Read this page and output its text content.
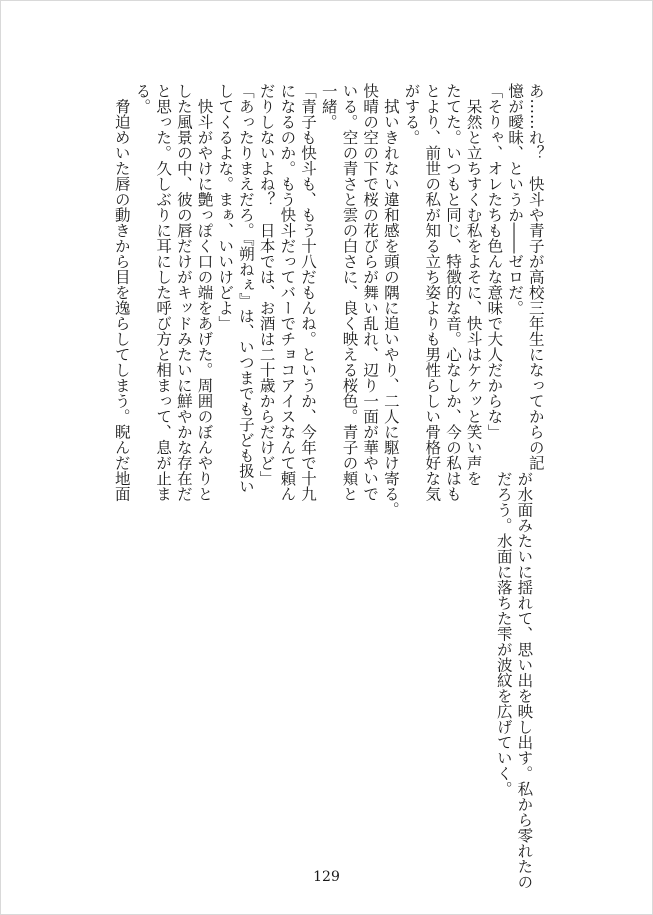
あ……れ？　快斗や青子が高校三年生になってからの記
憶が曖昧、というか――ゼロだ。
「そりゃ、オレたちも色んな意味で大人だからな」
　呆然と立ちすくむ私をよそに、快斗はケケッと笑い声を
たてた。いつもと同じ、特徴的な音。心なしか、今の私はも
とより、前世の私が知る立ち姿よりも男性らしい骨格好な気
がする。
　拭いきれない違和感を頭の隅に追いやり、二人に駆け寄る。
快晴の空の下で桜の花びらが舞い乱れ、辺り一面が華やいで
いる。空の青さと雲の白さに、良く映える桜色。青子の頬と
一緒。
「青子も快斗も、もう十八だもんね。というか、今年で十九
になるのか。もう快斗だってバーでチョコアイスなんて頼ん
だりしないよね？　日本では、お酒は二十歳からだけど」
「あったりまえだろ。『朔ねぇ』は、いつまでも子ども扱い
してくるよな。まぁ、いいけどよ」
　快斗がやけに艶っぽく口の端をあげた。周囲のぼんやりと
した風景の中、彼の唇だけがキッドみたいに鮮やかな存在だ
と思った。久しぶりに耳にした呼び方と相まって、息が止ま
る。
　脅迫めいた唇の動きから目を逸らしてしまう。睨んだ地面
が水面みたいに揺れて、思い出を映し出す。私から零れたの
だろう。水面に落ちた雫が波紋を広げていく。
129
